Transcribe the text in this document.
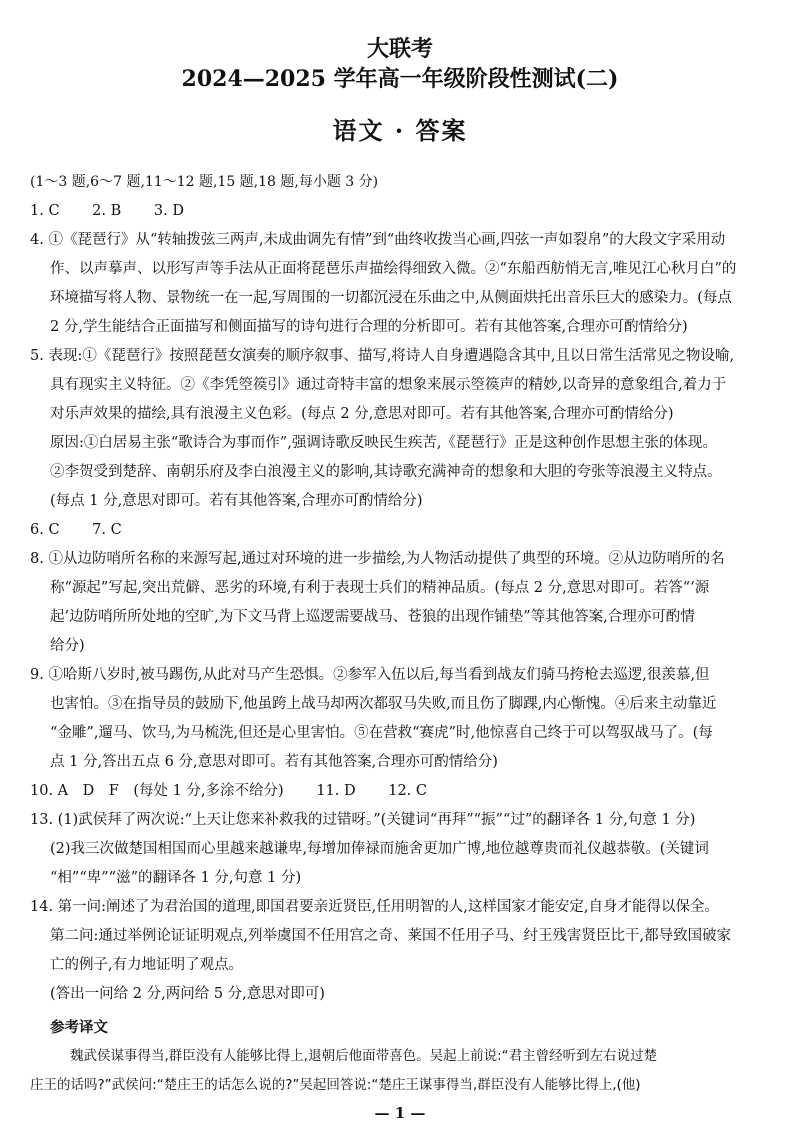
大联考
2024—2025 学年高一年级阶段性测试(二)
语文 · 答案

(1～3 题,6～7 题,11～12 题,15 题,18 题,每小题 3 分)

1. C 2. B 3. D

4. ①《琵琶行》从“转轴拨弦三两声,未成曲调先有情”到“曲终收拨当心画,四弦一声如裂帛”的大段文字采用动

作、以声摹声、以形写声等手法从正面将琵琶乐声描绘得细致入微。②“东船西舫悄无言,唯见江心秋月白”的

环境描写将人物、景物统一在一起,写周围的一切都沉浸在乐曲之中,从侧面烘托出音乐巨大的感染力。(每点

2 分,学生能结合正面描写和侧面描写的诗句进行合理的分析即可。若有其他答案,合理亦可酌情给分)

5. 表现:①《琵琶行》按照琵琶女演奏的顺序叙事、描写,将诗人自身遭遇隐含其中,且以日常生活常见之物设喻,

具有现实主义特征。②《李凭箜篌引》通过奇特丰富的想象来展示箜篌声的精妙,以奇异的意象组合,着力于

对乐声效果的描绘,具有浪漫主义色彩。(每点 2 分,意思对即可。若有其他答案,合理亦可酌情给分)

原因:①白居易主张“歌诗合为事而作”,强调诗歌反映民生疾苦,《琵琶行》正是这种创作思想主张的体现。

②李贺受到楚辞、南朝乐府及李白浪漫主义的影响,其诗歌充满神奇的想象和大胆的夸张等浪漫主义特点。

(每点 1 分,意思对即可。若有其他答案,合理亦可酌情给分)

6. C 7. C

8. ①从边防哨所名称的来源写起,通过对环境的进一步描绘,为人物活动提供了典型的环境。②从边防哨所的名

称“源起”写起,突出荒僻、恶劣的环境,有利于表现士兵们的精神品质。(每点 2 分,意思对即可。若答“‘源

起’边防哨所所处地的空旷,为下文马背上巡逻需要战马、苍狼的出现作铺垫”等其他答案,合理亦可酌情

给分)

9. ①哈斯八岁时,被马踢伤,从此对马产生恐惧。②参军入伍以后,每当看到战友们骑马挎枪去巡逻,很羡慕,但

也害怕。③在指导员的鼓励下,他虽跨上战马却两次都驭马失败,而且伤了脚踝,内心惭愧。④后来主动靠近

“金雕”,遛马、饮马,为马梳洗,但还是心里害怕。⑤在营救“赛虎”时,他惊喜自己终于可以驾驭战马了。(每

点 1 分,答出五点 6 分,意思对即可。若有其他答案,合理亦可酌情给分)

10. A　D　F　(每处 1 分,多涂不给分) 11. D 12. C

13. (1)武侯拜了两次说:“上天让您来补救我的过错呀。”(关键词“再拜”“振”“过”的翻译各 1 分,句意 1 分)

(2)我三次做楚国相国而心里越来越谦卑,每增加俸禄而施舍更加广博,地位越尊贵而礼仪越恭敬。(关键词

“相”“卑”“滋”的翻译各 1 分,句意 1 分)

14. 第一问:阐述了为君治国的道理,即国君要亲近贤臣,任用明智的人,这样国家才能安定,自身才能得以保全。

第二问:通过举例论证证明观点,列举虞国不任用宫之奇、莱国不任用子马、纣王残害贤臣比干,都导致国破家

亡的例子,有力地证明了观点。

(答出一问给 2 分,两问给 5 分,意思对即可)

参考译文

魏武侯谋事得当,群臣没有人能够比得上,退朝后他面带喜色。吴起上前说:“君主曾经听到左右说过楚

庄王的话吗?”武侯问:“楚庄王的话怎么说的?”吴起回答说:“楚庄王谋事得当,群臣没有人能够比得上,(他)

— 1 —
